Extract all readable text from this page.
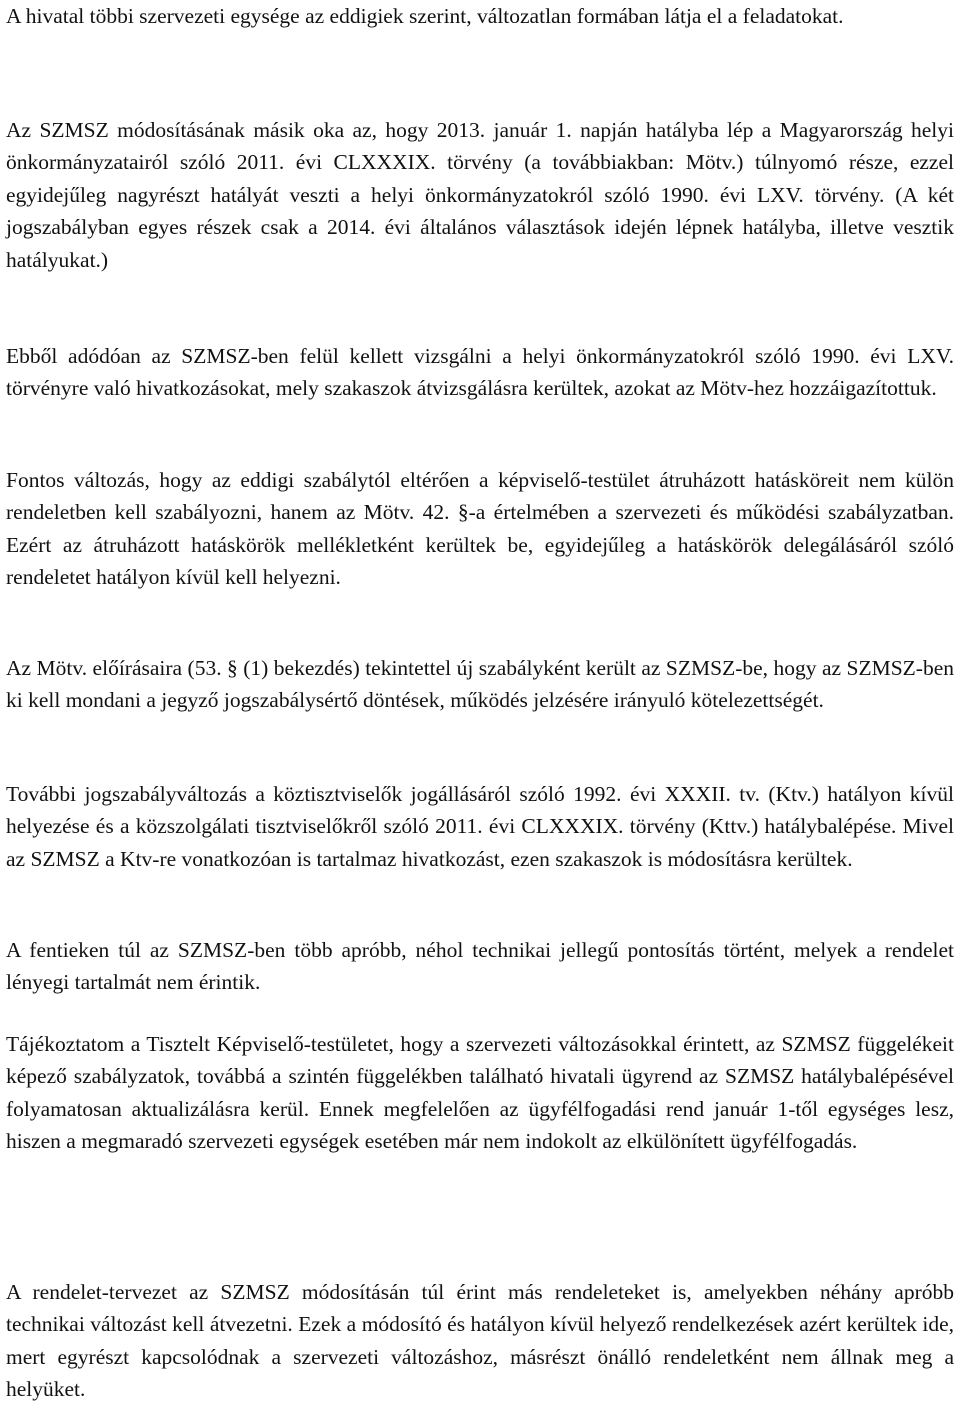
A hivatal többi szervezeti egysége az eddigiek szerint, változatlan formában látja el a feladatokat.

Az SZMSZ módosításának másik oka az, hogy 2013. január 1. napján hatályba lép a Magyarország helyi önkormányzatairól szóló 2011. évi CLXXXIX. törvény (a továbbiakban: Mötv.) túlnyomó része, ezzel egyidejűleg nagyrészt hatályát veszti a helyi önkormányzatokról szóló 1990. évi LXV. törvény. (A két jogszabályban egyes részek csak a 2014. évi általános választások idején lépnek hatályba, illetve vesztik hatályukat.)

Ebből adódóan az SZMSZ-ben felül kellett vizsgálni a helyi önkormányzatokról szóló 1990. évi LXV. törvényre való hivatkozásokat, mely szakaszok átvizsgálásra kerültek, azokat az Mötv-hez hozzáigazítottuk.

Fontos változás, hogy az eddigi szabálytól eltérően a képviselő-testület átruházott hatásköreit nem külön rendeletben kell szabályozni, hanem az Mötv. 42. §-a értelmében a szervezeti és működési szabályzatban. Ezért az átruházott hatáskörök mellékletként kerültek be, egyidejűleg a hatáskörök delegálásáról szóló rendeletet hatályon kívül kell helyezni.

Az Mötv. előírásaira (53. § (1) bekezdés) tekintettel új szabályként került az SZMSZ-be, hogy az SZMSZ-ben ki kell mondani a jegyző jogszabálysértő döntések, működés jelzésére irányuló kötelezettségét.

További jogszabályváltozás a köztisztviselők jogállásáról szóló 1992. évi XXXII. tv. (Ktv.) hatályon kívül helyezése és a közszolgálati tisztviselőkről szóló 2011. évi CLXXXIX. törvény (Kttv.) hatálybalépése. Mivel az SZMSZ a Ktv-re vonatkozóan is tartalmaz hivatkozást, ezen szakaszok is módosításra kerültek.

A fentieken túl az SZMSZ-ben több apróbb, néhol technikai jellegű pontosítás történt, melyek a rendelet lényegi tartalmát nem érintik.

Tájékoztatom a Tisztelt Képviselő-testületet, hogy a szervezeti változásokkal érintett, az SZMSZ függelékeit képező szabályzatok, továbbá a szintén függelékben található hivatali ügyrend az SZMSZ hatálybalépésével folyamatosan aktualizálásra kerül. Ennek megfelelően az ügyfélfogadási rend január 1-től egységes lesz, hiszen a megmaradó szervezeti egységek esetében már nem indokolt az elkülönített ügyfélfogadás.

A rendelet-tervezet az SZMSZ módosításán túl érint más rendeleteket is, amelyekben néhány apróbb technikai változást kell átvezetni. Ezek a módosító és hatályon kívül helyező rendelkezések azért kerültek ide, mert egyrészt kapcsolódnak a szervezeti változáshoz, másrészt önálló rendeletként nem állnak meg a helyüket.
